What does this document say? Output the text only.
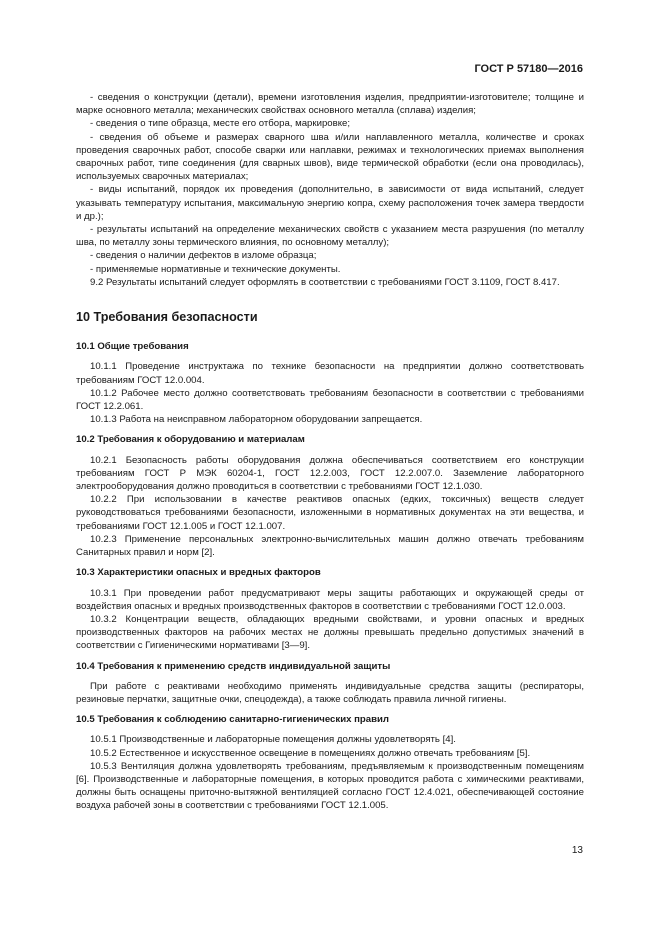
ГОСТ Р 57180—2016

- сведения о конструкции (детали), времени изготовления изделия, предприятии-изготовителе; толщине и марке основного металла; механических свойствах основного металла (сплава) изделия;

- сведения о типе образца, месте его отбора, маркировке;

- сведения об объеме и размерах сварного шва и/или наплавленного металла, количестве и сроках проведения сварочных работ, способе сварки или наплавки, режимах и технологических приемах выполнения сварочных работ, типе соединения (для сварных швов), виде термической обработки (если она проводилась), используемых сварочных материалах;

- виды испытаний, порядок их проведения (дополнительно, в зависимости от вида испытаний, следует указывать температуру испытания, максимальную энергию копра, схему расположения точек замера твердости и др.);

- результаты испытаний на определение механических свойств с указанием места разрушения (по металлу шва, по металлу зоны термического влияния, по основному металлу);

- сведения о наличии дефектов в изломе образца;

- применяемые нормативные и технические документы.

9.2 Результаты испытаний следует оформлять в соответствии с требованиями ГОСТ 3.1109, ГОСТ 8.417.

10 Требования безопасности
10.1 Общие требования

10.1.1 Проведение инструктажа по технике безопасности на предприятии должно соответствовать требованиям ГОСТ 12.0.004.

10.1.2 Рабочее место должно соответствовать требованиям безопасности в соответствии с требованиями ГОСТ 12.2.061.

10.1.3 Работа на неисправном лабораторном оборудовании запрещается.

10.2 Требования к оборудованию и материалам

10.2.1 Безопасность работы оборудования должна обеспечиваться соответствием его конструкции требованиям ГОСТ Р МЭК 60204-1, ГОСТ 12.2.003, ГОСТ 12.2.007.0. Заземление лабораторного электрооборудования должно проводиться в соответствии с требованиями ГОСТ 12.1.030.

10.2.2 При использовании в качестве реактивов опасных (едких, токсичных) веществ следует руководствоваться требованиями безопасности, изложенными в нормативных документах на эти вещества, и требованиями ГОСТ 12.1.005 и ГОСТ 12.1.007.

10.2.3 Применение персональных электронно-вычислительных машин должно отвечать требованиям Санитарных правил и норм [2].

10.3 Характеристики опасных и вредных факторов

10.3.1 При проведении работ предусматривают меры защиты работающих и окружающей среды от воздействия опасных и вредных производственных факторов в соответствии с требованиями ГОСТ 12.0.003.

10.3.2 Концентрации веществ, обладающих вредными свойствами, и уровни опасных и вредных производственных факторов на рабочих местах не должны превышать предельно допустимых значений в соответствии с Гигиеническими нормативами [3—9].

10.4 Требования к применению средств индивидуальной защиты

При работе с реактивами необходимо применять индивидуальные средства защиты (респираторы, резиновые перчатки, защитные очки, спецодежда), а также соблюдать правила личной гигиены.

10.5 Требования к соблюдению санитарно-гигиенических правил

10.5.1 Производственные и лабораторные помещения должны удовлетворять [4].

10.5.2 Естественное и искусственное освещение в помещениях должно отвечать требованиям [5].

10.5.3 Вентиляция должна удовлетворять требованиям, предъявляемым к производственным помещениям [6]. Производственные и лабораторные помещения, в которых проводится работа с химическими реактивами, должны быть оснащены приточно-вытяжной вентиляцией согласно ГОСТ 12.4.021, обеспечивающей состояние воздуха рабочей зоны в соответствии с требованиями ГОСТ 12.1.005.

13
